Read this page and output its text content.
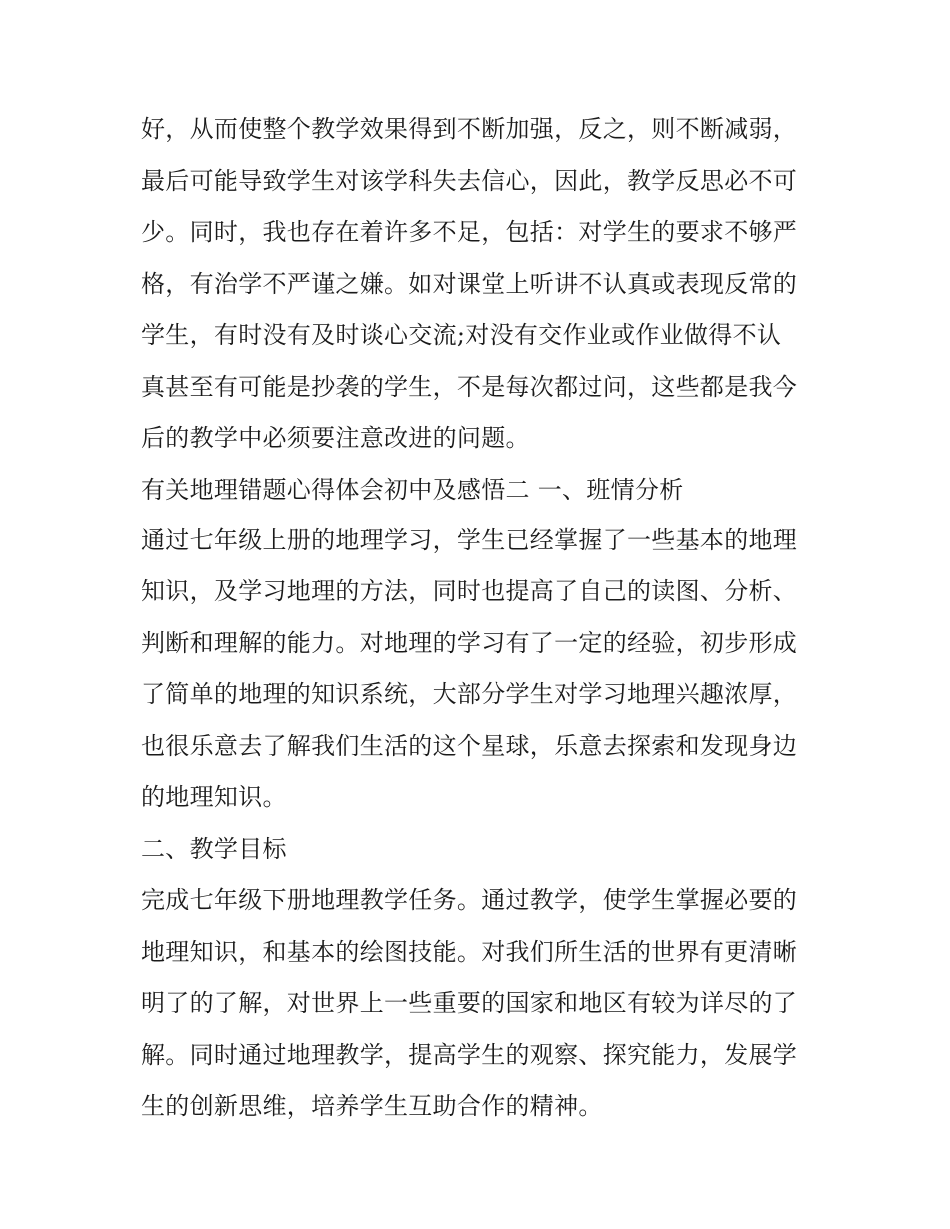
好，从而使整个教学效果得到不断加强，反之，则不断减弱，
最后可能导致学生对该学科失去信心，因此，教学反思必不可
少。同时，我也存在着许多不足，包括：对学生的要求不够严
格，有治学不严谨之嫌。如对课堂上听讲不认真或表现反常的
学生，有时没有及时谈心交流;对没有交作业或作业做得不认
真甚至有可能是抄袭的学生，不是每次都过问，这些都是我今
后的教学中必须要注意改进的问题。
有关地理错题心得体会初中及感悟二 一、班情分析
通过七年级上册的地理学习，学生已经掌握了一些基本的地理
知识，及学习地理的方法，同时也提高了自己的读图、分析、
判断和理解的能力。对地理的学习有了一定的经验，初步形成
了简单的地理的知识系统，大部分学生对学习地理兴趣浓厚，
也很乐意去了解我们生活的这个星球，乐意去探索和发现身边
的地理知识。
二、教学目标
完成七年级下册地理教学任务。通过教学，使学生掌握必要的
地理知识，和基本的绘图技能。对我们所生活的世界有更清晰
明了的了解，对世界上一些重要的国家和地区有较为详尽的了
解。同时通过地理教学，提高学生的观察、探究能力，发展学
生的创新思维，培养学生互助合作的精神。
